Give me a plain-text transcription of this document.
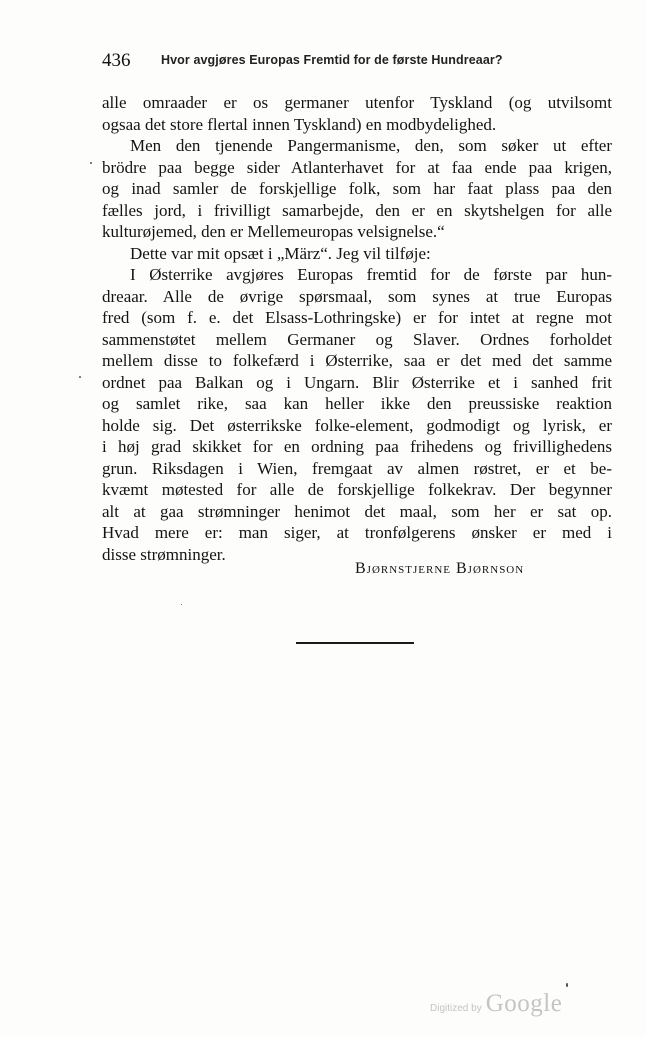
436 Hvor avgjøres Europas Fremtid for de første Hundreaar?
alle omraader er os germaner utenfor Tyskland (og utvilsomt
ogsaa det store flertal innen Tyskland) en modbydelighed.
Men den tjenende Pangermanisme, den, som søker ut efter
brödre paa begge sider Atlanterhavet for at faa ende paa krigen,
og inad samler de forskjellige folk, som har faat plass paa den
fælles jord, i frivilligt samarbejde, den er en skytshelgen for alle
kulturøjemed, den er Mellemeuropas velsignelse.“
Dette var mit opsæt i „März“. Jeg vil tilføje:
I Østerrike avgjøres Europas fremtid for de første par hun-
dreaar. Alle de øvrige spørsmaal, som synes at true Europas
fred (som f. e. det Elsass-Lothringske) er for intet at regne mot
sammenstøtet mellem Germaner og Slaver. Ordnes forholdet
mellem disse to folkefærd i Østerrike, saa er det med det samme
ordnet paa Balkan og i Ungarn. Blir Østerrike et i sanhed frit
og samlet rike, saa kan heller ikke den preussiske reaktion
holde sig. Det østerrikske folke-element, godmodigt og lyrisk, er
i høj grad skikket for en ordning paa frihedens og frivillighedens
grun. Riksdagen i Wien, fremgaat av almen røstret, er et be-
kvæmt møtested for alle de forskjellige folkekrav. Der begynner
alt at gaa strømninger henimot det maal, som her er sat op.
Hvad mere er: man siger, at tronfølgerens ønsker er med i
disse strømninger.
Bjørnstjerne Bjørnson
Digitized by Google
